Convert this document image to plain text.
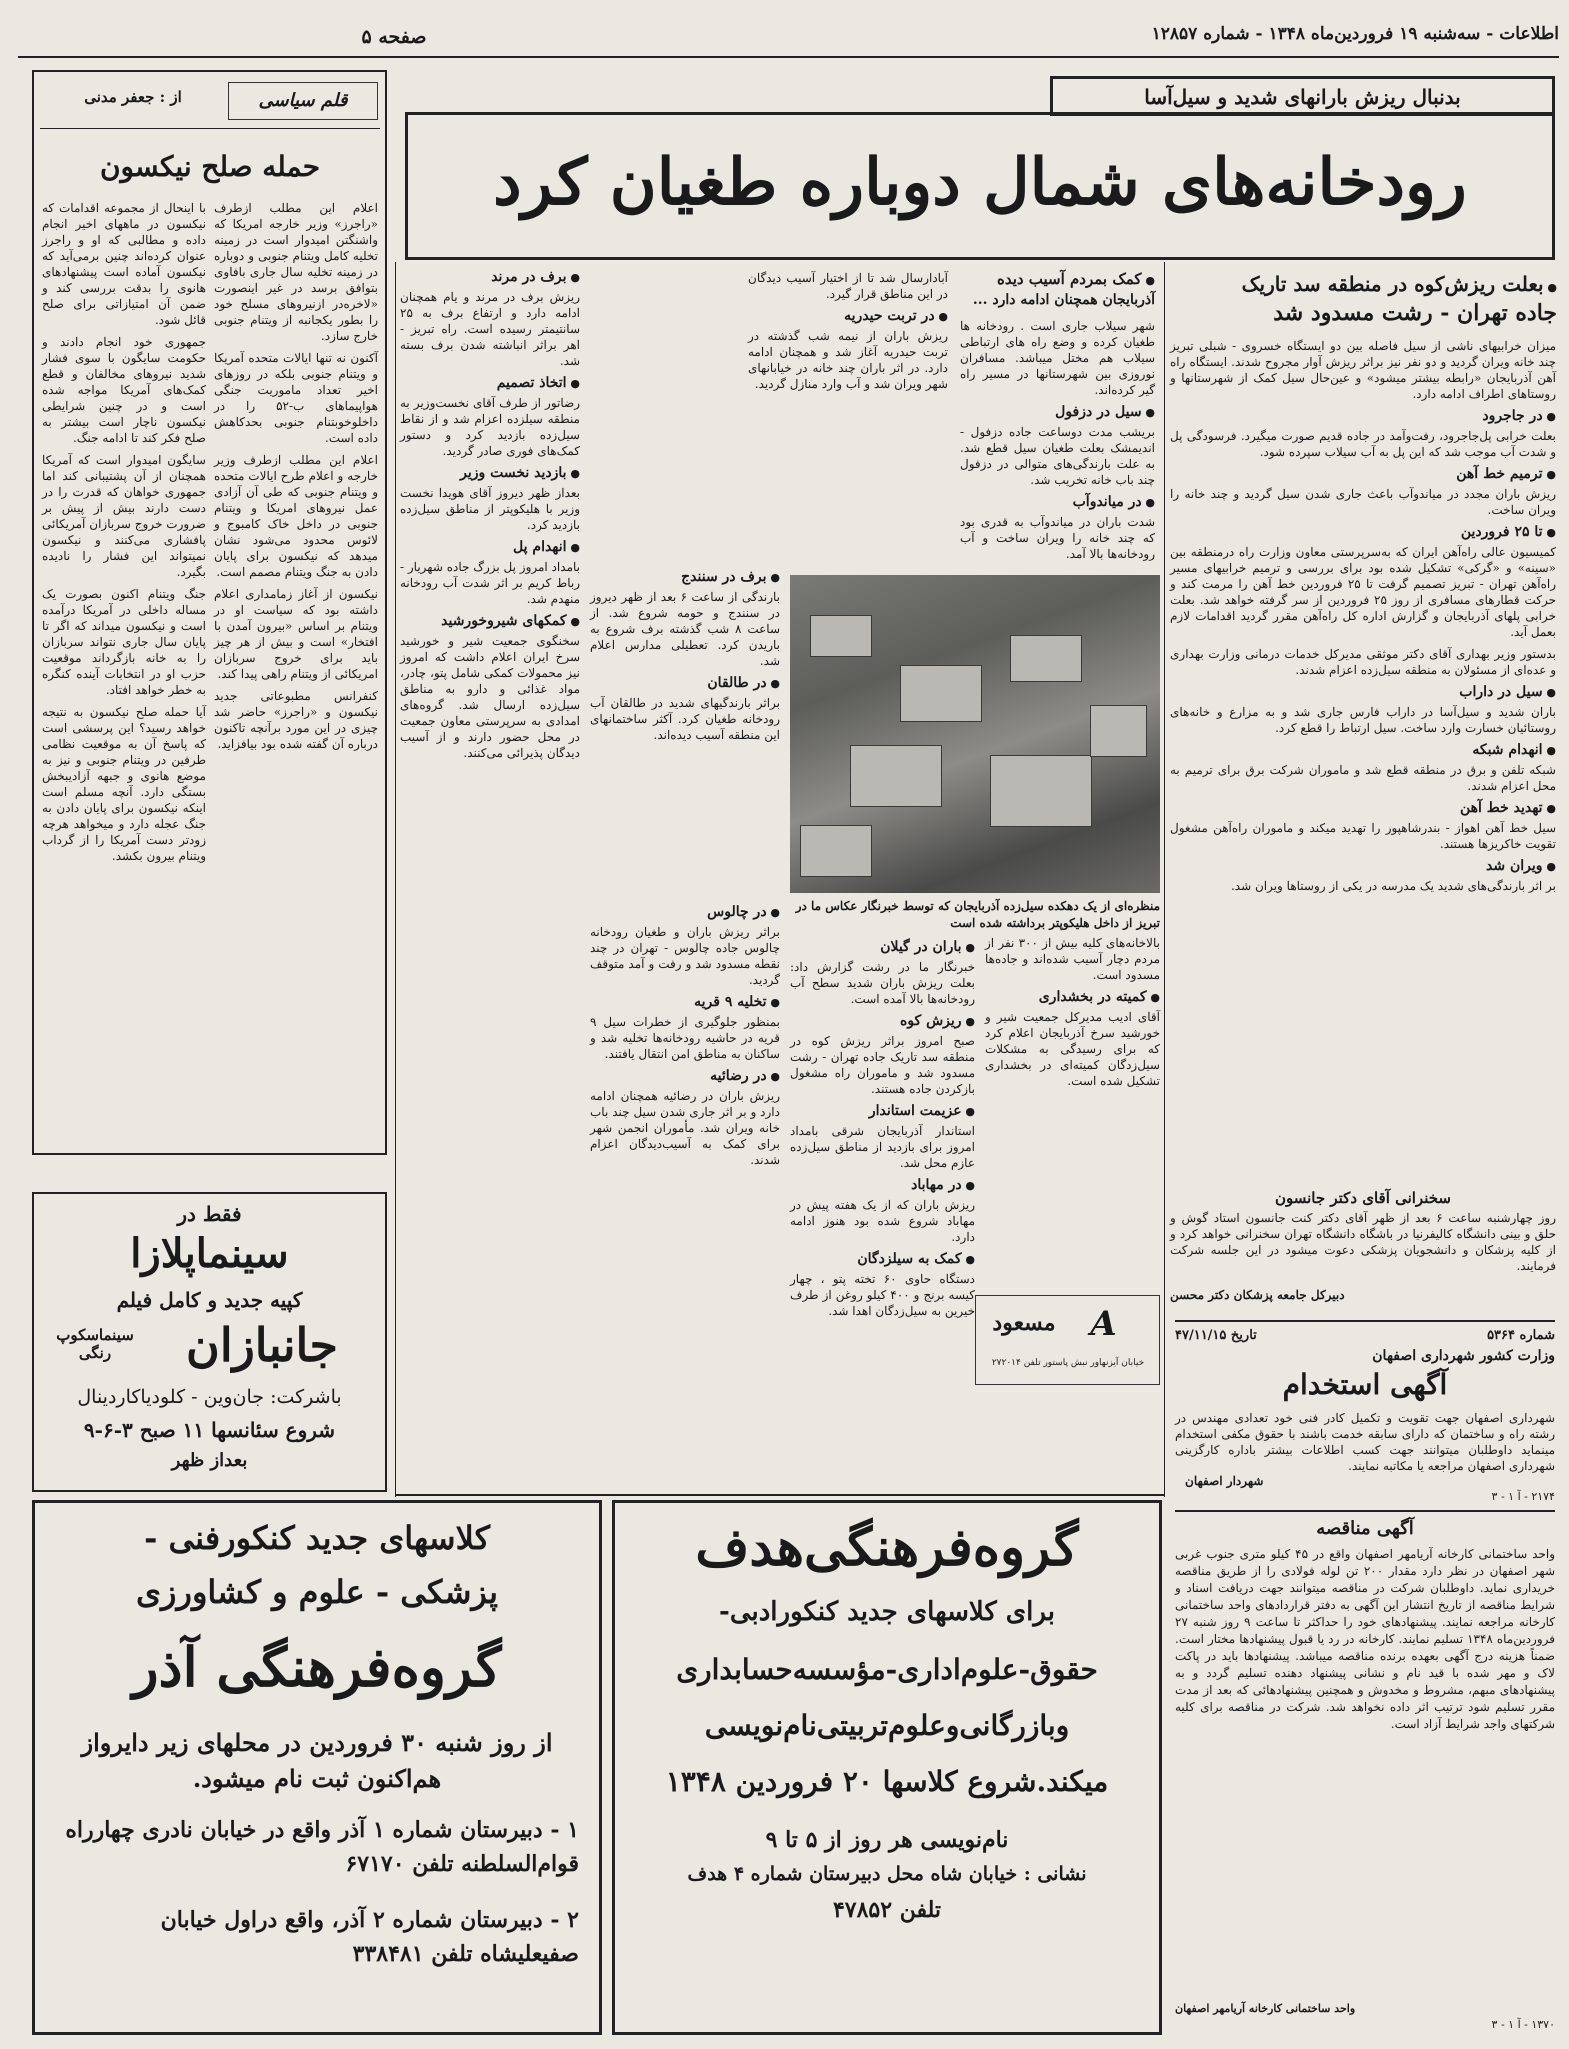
اطلاعات - سه‌شنبه ۱۹ فروردین‌ماه ۱۳۴۸ - شماره ۱۲۸۵۷
صفحه ۵
قلم سیاسی
از : جعفر مدنی
حمله صلح نیکسون

اعلام این مطلب ازطرف «راجرز» وزیر خارجه امریکا که واشنگتن امیدوار است در زمینه تخلیه کامل ویتنام جنوبی و دوباره در زمینه تخلیه سال جاری بافاوی بتوافق برسد در غیر اینصورت «لاخره‌در ازنیروهای مسلح خود را بطور یکجانبه از ویتنام جنوبی خارج سازد.

آکنون نه تنها ایالات متحده آمریکا و ویتنام جنوبی بلکه در روزهای اخیر تعداد ماموریت جنگی هواپیماهای ب-۵۲ را در داخلوخوبتنام جنوبی بحدکاهش داده است.

اعلام این مطلب ازطرف وزیر خارجه و اعلام طرح ایالات متحده و ویتنام جنوبی که طی آن آزادی عمل نیروهای امریکا و ویتنام جنوبی در داخل خاک کامبوج و لائوس محدود می‌شود نشان میدهد که نیکسون برای پایان دادن به جنگ ویتنام مصمم است.

نیکسون از آغاز زمامداری اعلام داشته بود که سیاست او در ویتنام بر اساس «بیرون آمدن با افتخار» است و بیش از هر چیز باید برای خروج سربازان امریکائی از ویتنام راهی پیدا کند.

کنفرانس مطبوعاتی جدید نیکسون و «راجرز» حاضر شد چیزی در این مورد برآنچه تاکنون درباره آن گفته شده بود بیافزاید.

با اینحال از مجموعه اقدامات که نیکسون در ماههای اخیر انجام داده و مطالبی که او و راجرز عنوان کرده‌اند چنین برمی‌آید که نیکسون آماده است پیشنهادهای هانوی را بدقت بررسی کند و ضمن آن امتیازاتی برای صلح قائل شود.

جمهوری خود انجام دادند و حکومت سایگون با سوی فشار شدید نیروهای مخالفان و قطع کمک‌های آمریکا مواجه شده است و در چنین شرایطی نیکسون ناچار است بیشتر به صلح فکر کند تا ادامه جنگ.

سایگون امیدوار است که آمریکا همچنان از آن پشتیبانی کند اما جمهوری خواهان که قدرت را در دست دارند بیش از پیش بر ضرورت خروج سربازان آمریکائی پافشاری می‌کنند و نیکسون نمیتواند این فشار را نادیده بگیرد.

جنگ ویتنام اکنون بصورت یک مساله داخلی در آمریکا درآمده است و نیکسون میداند که اگر تا پایان سال جاری نتواند سربازان را به خانه بازگرداند موقعیت حزب او در انتخابات آینده کنگره به خطر خواهد افتاد.

آیا حمله صلح نیکسون به نتیجه خواهد رسید؟ این پرسشی است که پاسخ آن به موقعیت نظامی طرفین در ویتنام جنوبی و نیز به موضع هانوی و جبهه آزادیبخش بستگی دارد. آنچه مسلم است اینکه نیکسون برای پایان دادن به جنگ عجله دارد و میخواهد هرچه زودتر دست آمریکا را از گرداب ویتنام بیرون بکشد.

بدنبال ریزش بارانهای شدید و سیل‌آسا
رودخانه‌های شمال دوباره طغیان کرد
● بعلت ریزش‌کوه در منطقه سد تاریک
جاده تهران - رشت مسدود شد
● کمک بمردم آسیب دیده
آذربایجان همچنان ادامه دارد ...

میزان خرابیهای ناشی از سیل فاصله بین دو ایستگاه خسروی - شبلی تبریز چند خانه ویران گردید و دو نفر نیز براثر ریزش آوار مجروح شدند. ایستگاه راه آهن آذربایجان «رابطه بیشتر میشود» و عین‌حال سیل کمک از شهرستانها و روستاهای اطراف ادامه دارد.

● در جاجرود

بعلت خرابی پل‌جاجرود، رفت‌وآمد در جاده قدیم صورت میگیرد. فرسودگی پل و شدت آب موجب شد که این پل به آب سیلاب سپرده شود.

● ترمیم خط آهن

ریزش باران مجدد در میاندوآب باعث جاری شدن سیل گردید و چند خانه را ویران ساخت.

● تا ۲۵ فروردین

کمیسیون عالی راه‌آهن ایران که به‌سرپرستی معاون وزارت راه درمنطقه بین «سینه» و «گرکی» تشکیل شده بود برای بررسی و ترمیم خرابیهای مسیر راه‌آهن تهران - تبریز تصمیم گرفت تا ۲۵ فروردین خط آهن را مرمت کند و حرکت قطارهای مسافری از روز ۲۵ فروردین از سر گرفته خواهد شد. بعلت خرابی پلهای آذربایجان و گزارش اداره کل راه‌آهن مقرر گردید اقدامات لازم بعمل آید.

بدستور وزیر بهداری آقای دکتر موثقی مدیرکل خدمات درمانی وزارت بهداری و عده‌ای از مسئولان به منطقه سیل‌زده اعزام شدند.

● سیل در داراب

باران شدید و سیل‌آسا در داراب فارس جاری شد و به مزارع و خانه‌های روستائیان خسارت وارد ساخت. سیل ارتباط را قطع کرد.

● انهدام شبکه

شبکه تلفن و برق در منطقه قطع شد و ماموران شرکت برق برای ترمیم به محل اعزام شدند.

● تهدید خط آهن

سیل خط آهن اهواز - بندرشاهپور را تهدید میکند و ماموران راه‌آهن مشغول تقویت خاکریزها هستند.

● ویران شد

بر اثر بارندگی‌های شدید یک مدرسه در یکی از روستاها ویران شد.

شهر سیلاب جاری است . رودخانه ها طغیان کرده و وضع راه های ارتباطی سیلاب هم مختل میباشد. مسافران نوروزی بین شهرستانها در مسیر راه گیر کرده‌اند.

● سیل در دزفول

بریشب مدت دوساعت جاده دزفول - اندیمشک بعلت طغیان سیل قطع شد. به علت بارندگی‌های متوالی در دزفول چند باب خانه تخریب شد.

● در میاندوآب

شدت باران در میاندوآب به قدری بود که چند خانه را ویران ساخت و آب رودخانه‌ها بالا آمد.

آبادارسال شد تا از اختیار آسیب دیدگان در این مناطق قرار گیرد.

● در تربت حیدریه

ریزش باران از نیمه شب گذشته در تربت حیدریه آغاز شد و همچنان ادامه دارد. در اثر باران چند خانه در خیابانهای شهر ویران شد و آب وارد منازل گردید.

منظره‌ای از یک دهکده سیل‌زده آذربایجان که توسط خبرنگار عکاس ما در تبریز از داخل هلیکوپتر برداشته شده است
● برف در سنندج

بارندگی از ساعت ۶ بعد از ظهر دیروز در سنندج و حومه شروع شد. از ساعت ۸ شب گذشته برف شروع به باریدن کرد. تعطیلی مدارس اعلام شد.

● در طالقان

براثر بارندگیهای شدید در طالقان آب رودخانه طغیان کرد. آکثر ساختمانهای این منطقه آسیب دیده‌اند.

● در چالوس

براثر ریزش باران و طغیان رودخانه چالوس جاده چالوس - تهران در چند نقطه مسدود شد و رفت و آمد متوقف گردید.

● تخلیه ۹ قریه

بمنظور جلوگیری از خطرات سیل ۹ قریه در حاشیه رودخانه‌ها تخلیه شد و ساکنان به مناطق امن انتقال یافتند.

● در رضائیه

ریزش باران در رضائیه همچنان ادامه دارد و بر اثر جاری شدن سیل چند باب خانه ویران شد. مأموران انجمن شهر برای کمک به آسیب‌دیدگان اعزام شدند.

● برف در مرند

ریزش برف در مرند و یام همچنان ادامه دارد و ارتفاع برف به ۲۵ سانتیمتر رسیده است. راه تبریز - اهر براثر انباشته شدن برف بسته شد.

● اتخاذ تصمیم

رضاتور از طرف آقای نخست‌وزیر به منطقه سیلزده اعزام شد و از نقاط سیل‌زده بازدید کرد و دستور کمک‌های فوری صادر گردید.

● بازدید نخست وزیر

بعداز ظهر دیروز آقای هویدا نخست وزیر با هلیکوپتر از مناطق سیل‌زده بازدید کرد.

● انهدام پل

بامداد امروز پل بزرگ جاده شهریار - رباط کریم بر اثر شدت آب رودخانه منهدم شد.

● کمکهای شیروخورشید

سخنگوی جمعیت شیر و خورشید سرخ ایران اعلام داشت که امروز نیز محمولات کمکی شامل پتو، چادر، مواد غذائی و دارو به مناطق سیل‌زده ارسال شد. گروه‌های امدادی به سرپرستی معاون جمعیت در محل حضور دارند و از آسیب دیدگان پذیرائی می‌کنند.

بالاخانه‌های کلیه بیش از ۳۰۰ نفر از مردم دچار آسیب شده‌اند و جاده‌ها مسدود است.

● کمیته در بخشداری

آقای ادیب مدیرکل جمعیت شیر و خورشید سرخ آذربایجان اعلام کرد که برای رسیدگی به مشکلات سیل‌زدگان کمیته‌ای در بخشداری تشکیل شده است.

● باران در گیلان

خبرنگار ما در رشت گزارش داد: بعلت ریزش باران شدید سطح آب رودخانه‌ها بالا آمده است.

● ریزش کوه

صبح امروز براثر ریزش کوه در منطقه سد تاریک جاده تهران - رشت مسدود شد و ماموران راه مشغول بازکردن جاده هستند.

● عزیمت استاندار

استاندار آذربایجان شرقی بامداد امروز برای بازدید از مناطق سیل‌زده عازم محل شد.

● در مهاباد

ریزش باران که از یک هفته پیش در مهاباد شروع شده بود هنوز ادامه دارد.

● کمک به سیلزدگان

دستگاه حاوی ۶۰ تخته پتو ، چهار کیسه برنج و ۴۰۰ کیلو روغن از طرف خیرین به سیل‌زدگان اهدا شد.	A
مسعود
خیابان آیزنهاور نبش پاستور تلفن ۲۷۲۰۱۴
سخنرانی آقای دکتر جانسون
روز چهارشنبه ساعت ۶ بعد از ظهر آقای دکتر کنت جانسون استاد گوش و حلق و بینی دانشگاه کالیفرنیا در باشگاه دانشگاه تهران سخنرانی خواهد کرد و از کلیه پزشکان و دانشجویان پزشکی دعوت میشود در این جلسه شرکت فرمایند.
دبیرکل جامعه پزشکان دکتر محسن
شماره ۵۳۶۴
تاریخ ۴۷/۱۱/۱۵
وزارت کشور شهرداری اصفهان
آگهی استخدام
شهرداری اصفهان جهت تقویت و تکمیل کادر فنی خود تعدادی مهندس در رشته راه و ساختمان که دارای سابقه خدمت باشند با حقوق مکفی استخدام مینماید داوطلبان میتوانند جهت کسب اطلاعات بیشتر باداره کارگزینی شهرداری اصفهان مراجعه یا مکاتبه نمایند.
شهردار اصفهان
۲۱۷۴ - آ ۱ - ۳
آگهی مناقصه
واحد ساختمانی کارخانه آریامهر اصفهان واقع در ۴۵ کیلو متری جنوب غربی شهر اصفهان در نظر دارد مقدار ۲۰۰ تن لوله فولادی را از طریق مناقصه خریداری نماید. داوطلبان شرکت در مناقصه میتوانند جهت دریافت اسناد و شرایط مناقصه از تاریخ انتشار این آگهی به دفتر قراردادهای واحد ساختمانی کارخانه مراجعه نمایند. پیشنهادهای خود را حداکثر تا ساعت ۹ روز شنبه ۲۷ فروردین‌ماه ۱۳۴۸ تسلیم نمایند. کارخانه در رد یا قبول پیشنهادها مختار است. ضمناً هزینه درج آگهی بعهده برنده مناقصه میباشد. پیشنهادها باید در پاکت لاک و مهر شده با قید نام و نشانی پیشنهاد دهنده تسلیم گردد و به پیشنهادهای مبهم، مشروط و مخدوش و همچنین پیشنهادهائی که بعد از مدت مقرر تسلیم شود ترتیب اثر داده نخواهد شد. شرکت در مناقصه برای کلیه شرکتهای واجد شرایط آزاد است.
واحد ساختمانی کارخانه آریامهر اصفهان
۱۳۷۰ - آ ۱ - ۳
فقط در
سینماپلازا
کپیه جدید و کامل فیلم
سینماسکوپ رنگی	جانبازان
باشرکت: جان‌وین - کلودیاکاردینال
شروع سئانسها ۱۱ صبح ۳-۶-۹
بعداز ظهر
کلاسهای جدید کنکورفنی -
پزشکی - علوم و کشاورزی
گروه‌فرهنگی آذر
از روز شنبه ۳۰ فروردین در محلهای زیر دایرواز هم‌اکنون ثبت نام میشود.
۱ - دبیرستان شماره ۱ آذر واقع در خیابان نادری چهارراه قوام‌السلطنه تلفن ۶۷۱۷۰
۲ - دبیرستان شماره ۲ آذر، واقع دراول خیابان صفیعلیشاه تلفن ۳۳۸۴۸۱
گروه‌فرهنگی‌هدف
برای کلاسهای جدید کنکورادبی-
حقوق-علوم‌اداری-مؤسسه‌حسابداری
وبازرگانی‌وعلوم‌تربیتی‌نام‌نویسی
میکند.شروع کلاسها ۲۰ فروردین ۱۳۴۸
نام‌نویسی هر روز از ۵ تا ۹
نشانی : خیابان شاه محل دبیرستان شماره ۴ هدف
تلفن ۴۷۸۵۲
